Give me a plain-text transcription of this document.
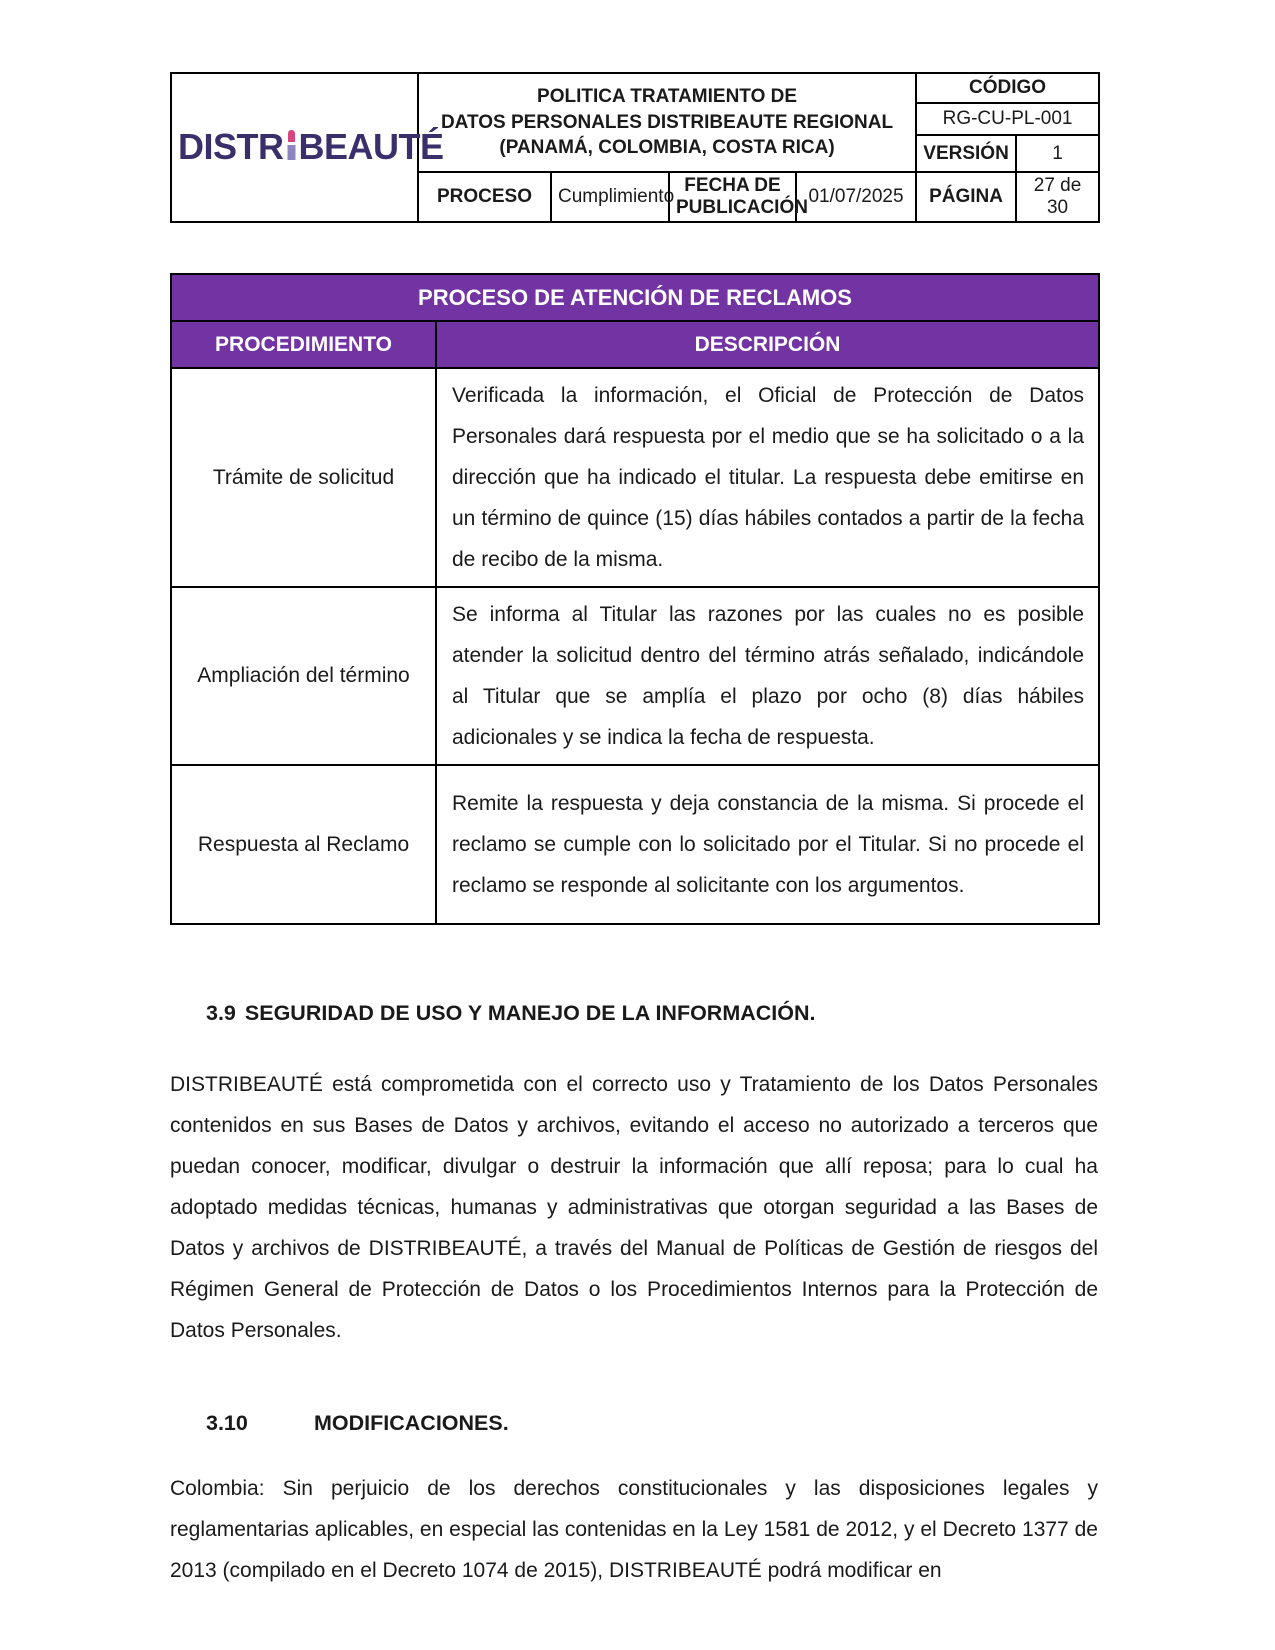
DISTR BEAUTÉ	POLITICA TRATAMIENTO DE
DATOS PERSONALES DISTRIBEAUTE REGIONAL
(PANAMÁ, COLOMBIA, COSTA RICA)				CÓDIGO	
					RG-CU-PL-001	
					VERSIÓN	1
	PROCESO	Cumplimiento	FECHA DE PUBLICACIÓN	01/07/2025	PÁGINA	27 de 30
PROCESO DE ATENCIÓN DE RECLAMOS	
PROCEDIMIENTO	DESCRIPCIÓN
Trámite de solicitud	Verificada la información, el Oficial de Protección de Datos Personales dará respuesta por el medio que se ha solicitado o a la dirección que ha indicado el titular. La respuesta debe emitirse en un término de quince (15) días hábiles contados a partir de la fecha de recibo de la misma.
Ampliación del término	Se informa al Titular las razones por las cuales no es posible atender la solicitud dentro del término atrás señalado, indicándole al Titular que se amplía el plazo por ocho (8) días hábiles adicionales y se indica la fecha de respuesta.
Respuesta al Reclamo	Remite la respuesta y deja constancia de la misma. Si procede el reclamo se cumple con lo solicitado por el Titular. Si no procede el reclamo se responde al solicitante con los argumentos.
3.9 SEGURIDAD DE USO Y MANEJO DE LA INFORMACIÓN.

DISTRIBEAUTÉ está comprometida con el correcto uso y Tratamiento de los Datos Personales contenidos en sus Bases de Datos y archivos, evitando el acceso no autorizado a terceros que puedan conocer, modificar, divulgar o destruir la información que allí reposa; para lo cual ha adoptado medidas técnicas, humanas y administrativas que otorgan seguridad a las Bases de Datos y archivos de DISTRIBEAUTÉ, a través del Manual de Políticas de Gestión de riesgos del Régimen General de Protección de Datos o los Procedimientos Internos para la Protección de Datos Personales.

3.10	MODIFICACIONES.

Colombia: Sin perjuicio de los derechos constitucionales y las disposiciones legales y reglamentarias aplicables, en especial las contenidas en la Ley 1581 de 2012, y el Decreto 1377 de 2013 (compilado en el Decreto 1074 de 2015), DISTRIBEAUTÉ podrá modificar en
